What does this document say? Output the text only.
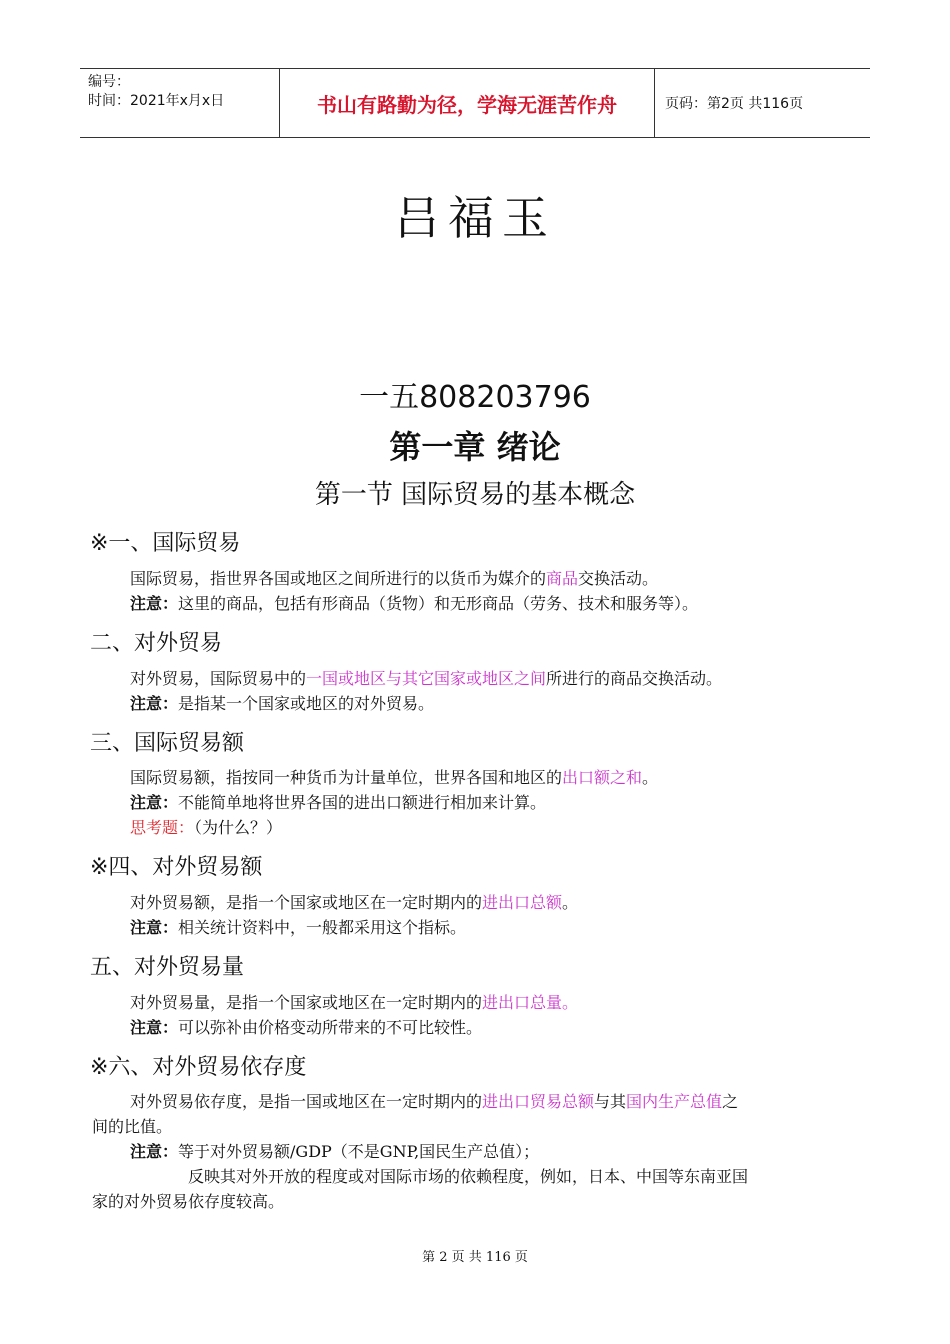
编号：
时间：2021年x月x日	书山有路勤为径，学海无涯苦作舟	页码：第2页 共116页
吕福玉
一五808203796
第一章 绪论
第一节 国际贸易的基本概念
※一、国际贸易

国际贸易，指世界各国或地区之间所进行的以货币为媒介的商品交换活动。

注意：这里的商品，包括有形商品（货物）和无形商品（劳务、技术和服务等）。

二、对外贸易

对外贸易，国际贸易中的一国或地区与其它国家或地区之间所进行的商品交换活动。

注意：是指某一个国家或地区的对外贸易。

三、国际贸易额

国际贸易额，指按同一种货币为计量单位，世界各国和地区的出口额之和。

注意：不能简单地将世界各国的进出口额进行相加来计算。

思考题：（为什么？）

※四、对外贸易额

对外贸易额，是指一个国家或地区在一定时期内的进出口总额。

注意：相关统计资料中，一般都采用这个指标。

五、对外贸易量

对外贸易量，是指一个国家或地区在一定时期内的进出口总量。

注意：可以弥补由价格变动所带来的不可比较性。

※六、对外贸易依存度

对外贸易依存度，是指一国或地区在一定时期内的进出口贸易总额与其国内生产总值之

间的比值。

注意：等于对外贸易额/GDP（不是GNP,国民生产总值）；

反映其对外开放的程度或对国际市场的依赖程度，例如，日本、中国等东南亚国

家的对外贸易依存度较高。

第 2 页 共 116 页
